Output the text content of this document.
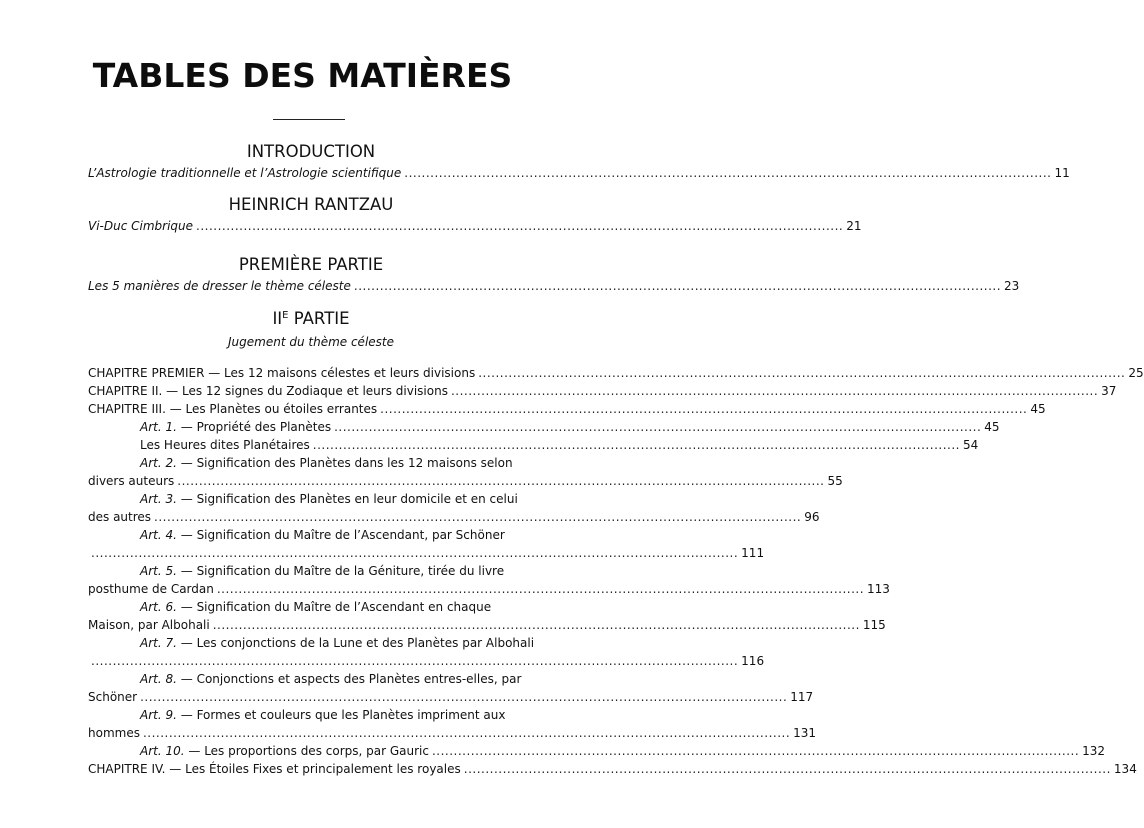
TABLES DES MATIÈRES
INTRODUCTION
L’Astrologie traditionnelle et l’Astrologie scientifique ...................................................................................................................................................... 11
HEINRICH RANTZAU
Vi-Duc Cimbrique ...................................................................................................................................................... 21
PREMIÈRE PARTIE
Les 5 manières de dresser le thème céleste ...................................................................................................................................................... 23
$II^E$ PARTIE
Jugement du thème céleste
CHAPITRE PREMIER — Les 12 maisons célestes et leurs divisions ...................................................................................................................................................... 25
CHAPITRE II. — Les 12 signes du Zodiaque et leurs divisions ...................................................................................................................................................... 37
CHAPITRE III. — Les Planètes ou étoiles errantes ...................................................................................................................................................... 45
Art. 1. — Propriété des Planètes ...................................................................................................................................................... 45
Les Heures dites Planétaires ...................................................................................................................................................... 54
Art. 2. — Signification des Planètes dans les 12 maisons selon
divers auteurs ...................................................................................................................................................... 55
Art. 3. — Signification des Planètes en leur domicile et en celui
des autres ...................................................................................................................................................... 96
Art. 4. — Signification du Maître de l’Ascendant, par Schöner
...................................................................................................................................................... 111
Art. 5. — Signification du Maître de la Géniture, tirée du livre
posthume de Cardan ...................................................................................................................................................... 113
Art. 6. — Signification du Maître de l’Ascendant en chaque
Maison, par Albohali ...................................................................................................................................................... 115
Art. 7. — Les conjonctions de la Lune et des Planètes par Albohali
...................................................................................................................................................... 116
Art. 8. — Conjonctions et aspects des Planètes entres-elles, par
Schöner ...................................................................................................................................................... 117
Art. 9. — Formes et couleurs que les Planètes impriment aux
hommes ...................................................................................................................................................... 131
Art. 10. — Les proportions des corps, par Gauric ...................................................................................................................................................... 132
CHAPITRE IV. — Les Étoiles Fixes et principalement les royales ...................................................................................................................................................... 134
